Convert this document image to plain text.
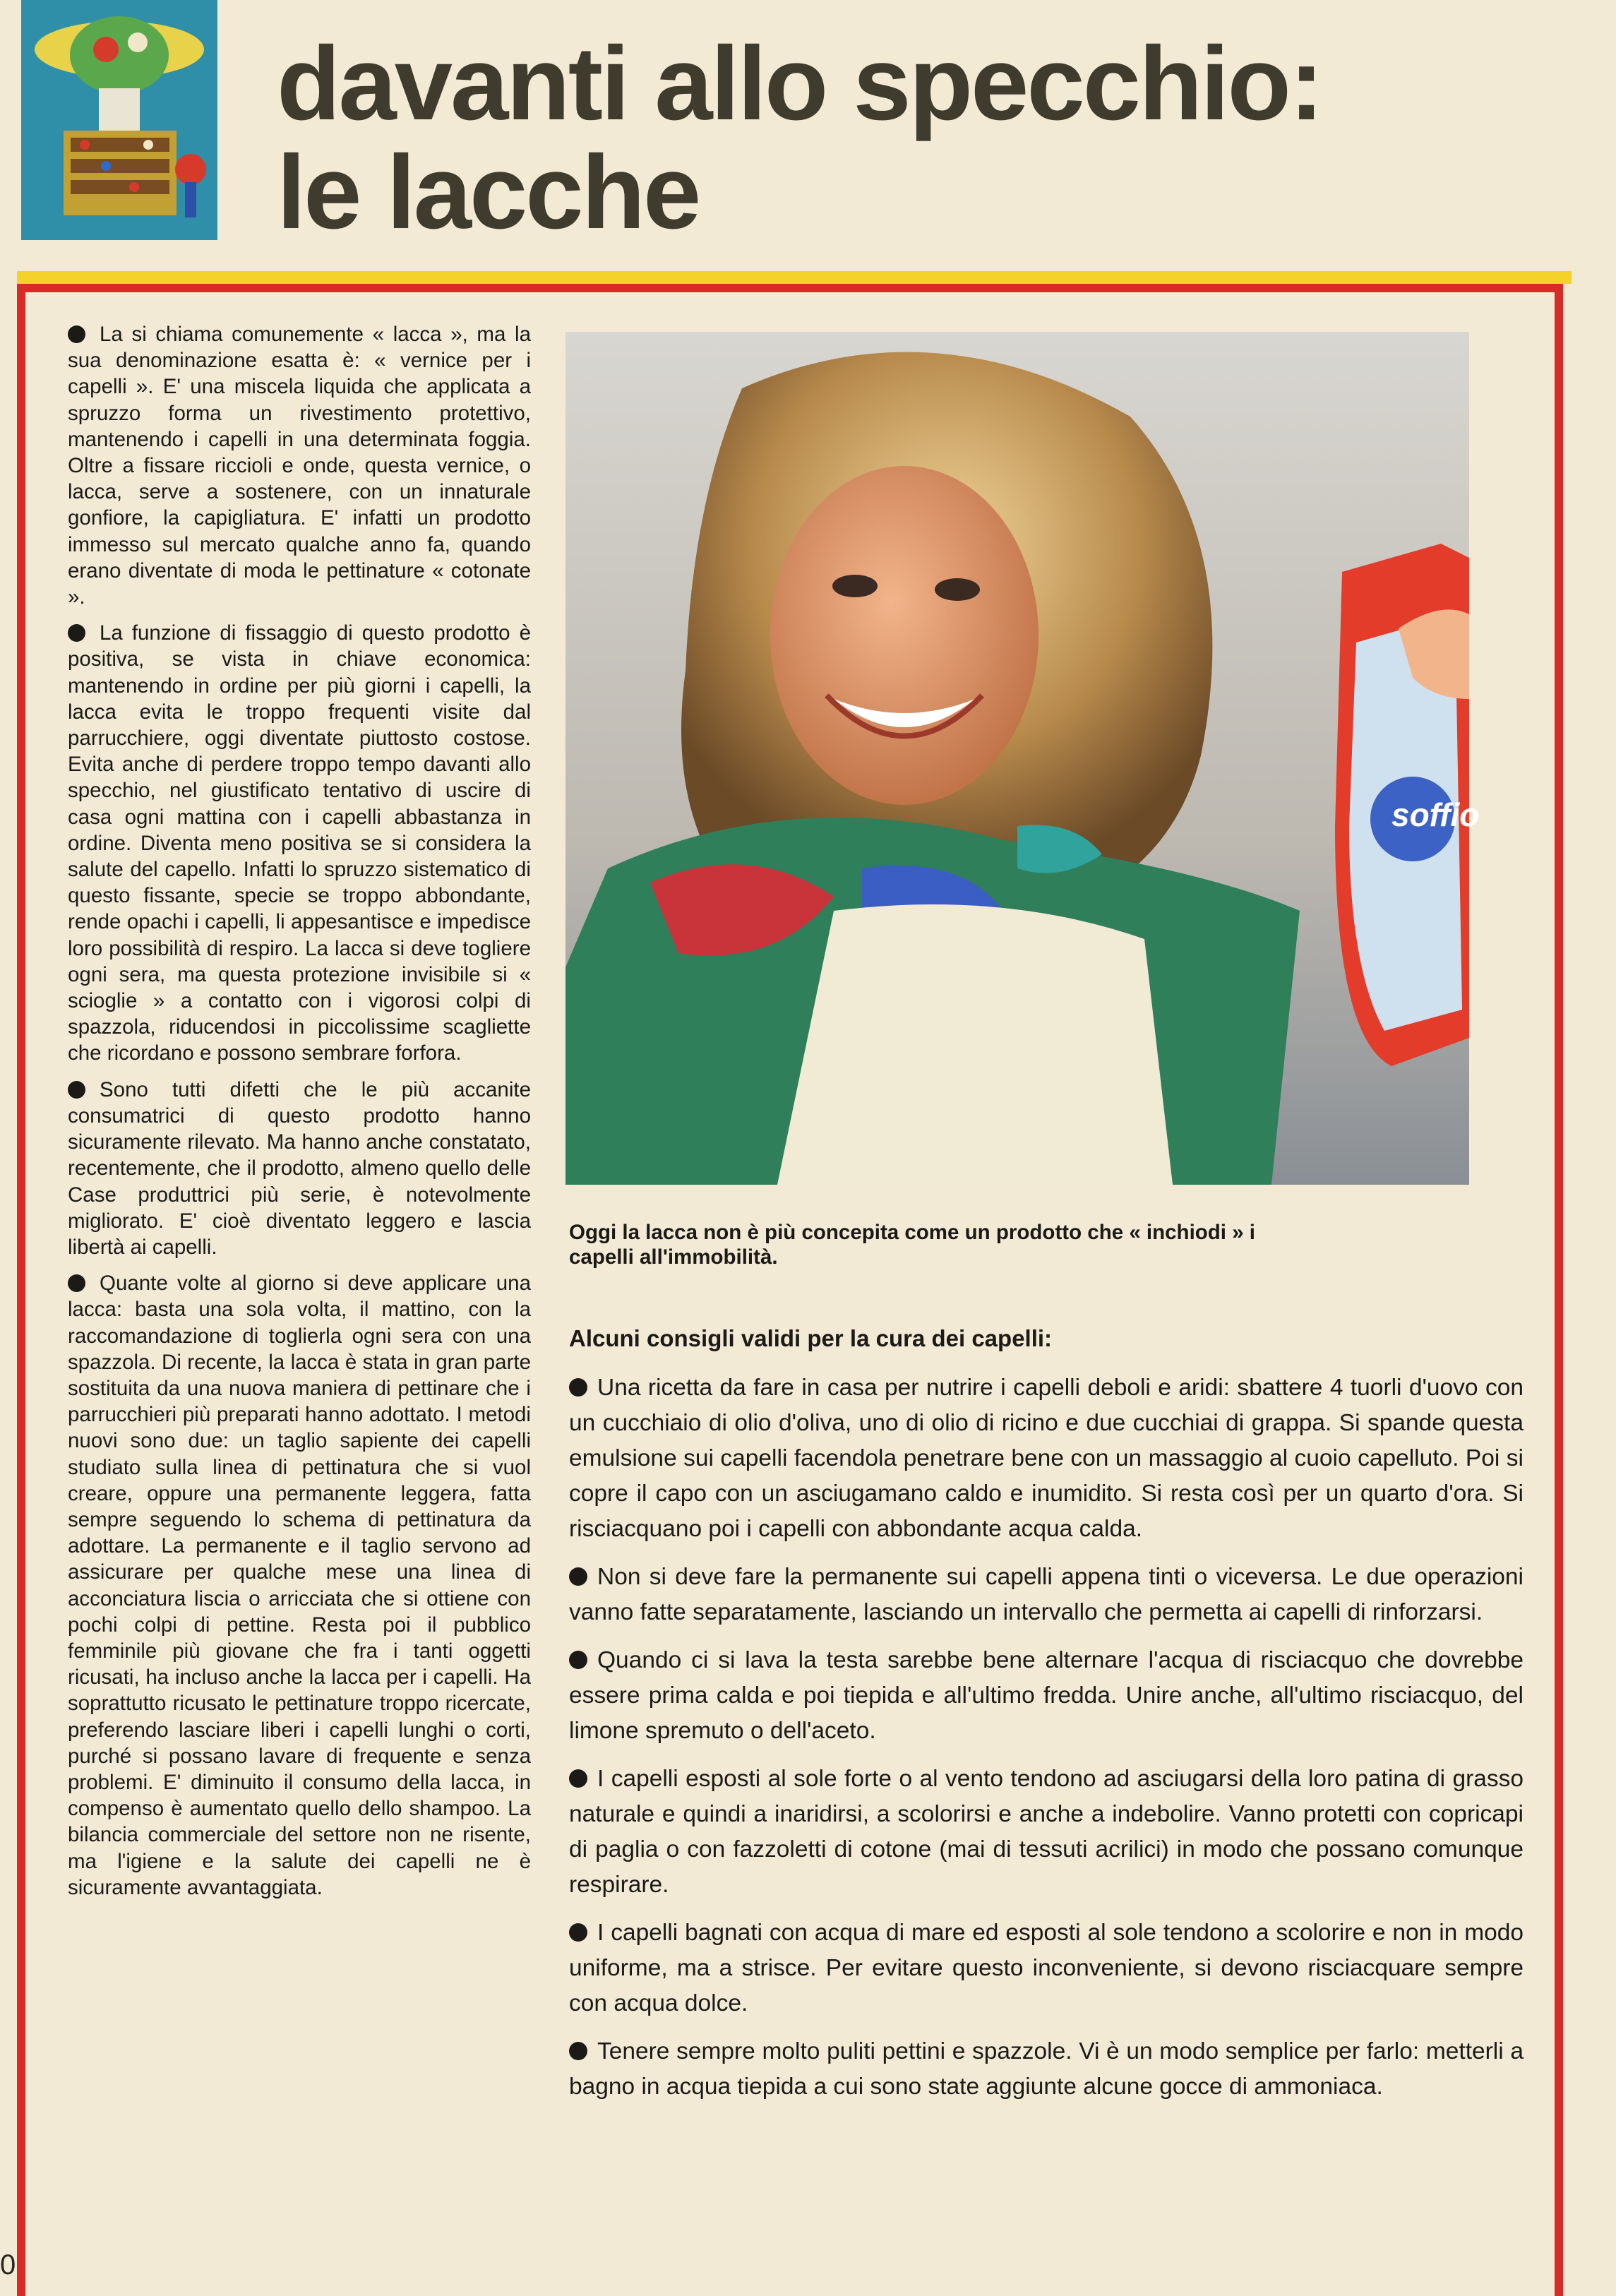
davanti allo specchio:
le lacche

La si chiama comunemente « lacca », ma la sua denominazione esatta è: « vernice per i capelli ». E' una miscela liquida che applicata a spruzzo forma un rivestimento protettivo, mantenendo i capelli in una determinata foggia. Oltre a fissare riccioli e onde, questa vernice, o lacca, serve a sostenere, con un innaturale gonfiore, la capigliatura. E' infatti un prodotto immesso sul mercato qualche anno fa, quando erano diventate di moda le pettinature « cotonate ».

La funzione di fissaggio di questo prodotto è positiva, se vista in chiave economica: mantenendo in ordine per più giorni i capelli, la lacca evita le troppo frequenti visite dal parrucchiere, oggi diventate piuttosto costose. Evita anche di perdere troppo tempo davanti allo specchio, nel giustificato tentativo di uscire di casa ogni mattina con i capelli abbastanza in ordine. Diventa meno positiva se si considera la salute del capello. Infatti lo spruzzo sistematico di questo fissante, specie se troppo abbondante, rende opachi i capelli, li appesantisce e impedisce loro possibilità di respiro. La lacca si deve togliere ogni sera, ma questa protezione invisibile si « scioglie » a contatto con i vigorosi colpi di spazzola, riducendosi in piccolissime scagliette che ricordano e possono sembrare forfora.

Sono tutti difetti che le più accanite consumatrici di questo prodotto hanno sicuramente rilevato. Ma hanno anche constatato, recentemente, che il prodotto, almeno quello delle Case produttrici più serie, è notevolmente migliorato. E' cioè diventato leggero e lascia libertà ai capelli.

Quante volte al giorno si deve applicare una lacca: basta una sola volta, il mattino, con la raccomandazione di toglierla ogni sera con una spazzola. Di recente, la lacca è stata in gran parte sostituita da una nuova maniera di pettinare che i parrucchieri più preparati hanno adottato. I metodi nuovi sono due: un taglio sapiente dei capelli studiato sulla linea di pettinatura che si vuol creare, oppure una permanente leggera, fatta sempre seguendo lo schema di pettinatura da adottare. La permanente e il taglio servono ad assicurare per qualche mese una linea di acconciatura liscia o arricciata che si ottiene con pochi colpi di pettine. Resta poi il pubblico femminile più giovane che fra i tanti oggetti ricusati, ha incluso anche la lacca per i capelli. Ha soprattutto ricusato le pettinature troppo ricercate, preferendo lasciare liberi i capelli lunghi o corti, purché si possano lavare di frequente e senza problemi. E' diminuito il consumo della lacca, in compenso è aumentato quello dello shampoo. La bilancia commerciale del settore non ne risente, ma l'igiene e la salute dei capelli ne è sicuramente avvantaggiata.

soffio

Oggi la lacca non è più concepita come un prodotto che « inchiodi » i capelli all'immobilità.

Alcuni consigli validi per la cura dei capelli:

Una ricetta da fare in casa per nutrire i capelli deboli e aridi: sbattere 4 tuorli d'uovo con un cucchiaio di olio d'oliva, uno di olio di ricino e due cucchiai di grappa. Si spande questa emulsione sui capelli facendola penetrare bene con un massaggio al cuoio capelluto. Poi si copre il capo con un asciugamano caldo e inumidito. Si resta così per un quarto d'ora. Si risciacquano poi i capelli con abbondante acqua calda.
Non si deve fare la permanente sui capelli appena tinti o viceversa. Le due operazioni vanno fatte separatamente, lasciando un intervallo che permetta ai capelli di rinforzarsi.
Quando ci si lava la testa sarebbe bene alternare l'acqua di risciacquo che dovrebbe essere prima calda e poi tiepida e all'ultimo fredda. Unire anche, all'ultimo risciacquo, del limone spremuto o dell'aceto.
I capelli esposti al sole forte o al vento tendono ad asciugarsi della loro patina di grasso naturale e quindi a inaridirsi, a scolorirsi e anche a indebolire. Vanno protetti con copricapi di paglia o con fazzoletti di cotone (mai di tessuti acrilici) in modo che possano comunque respirare.
I capelli bagnati con acqua di mare ed esposti al sole tendono a scolorire e non in modo uniforme, ma a strisce. Per evitare questo inconveniente, si devono risciacquare sempre con acqua dolce.
Tenere sempre molto puliti pettini e spazzole. Vi è un modo semplice per farlo: metterli a bagno in acqua tiepida a cui sono state aggiunte alcune gocce di ammoniaca.
0
